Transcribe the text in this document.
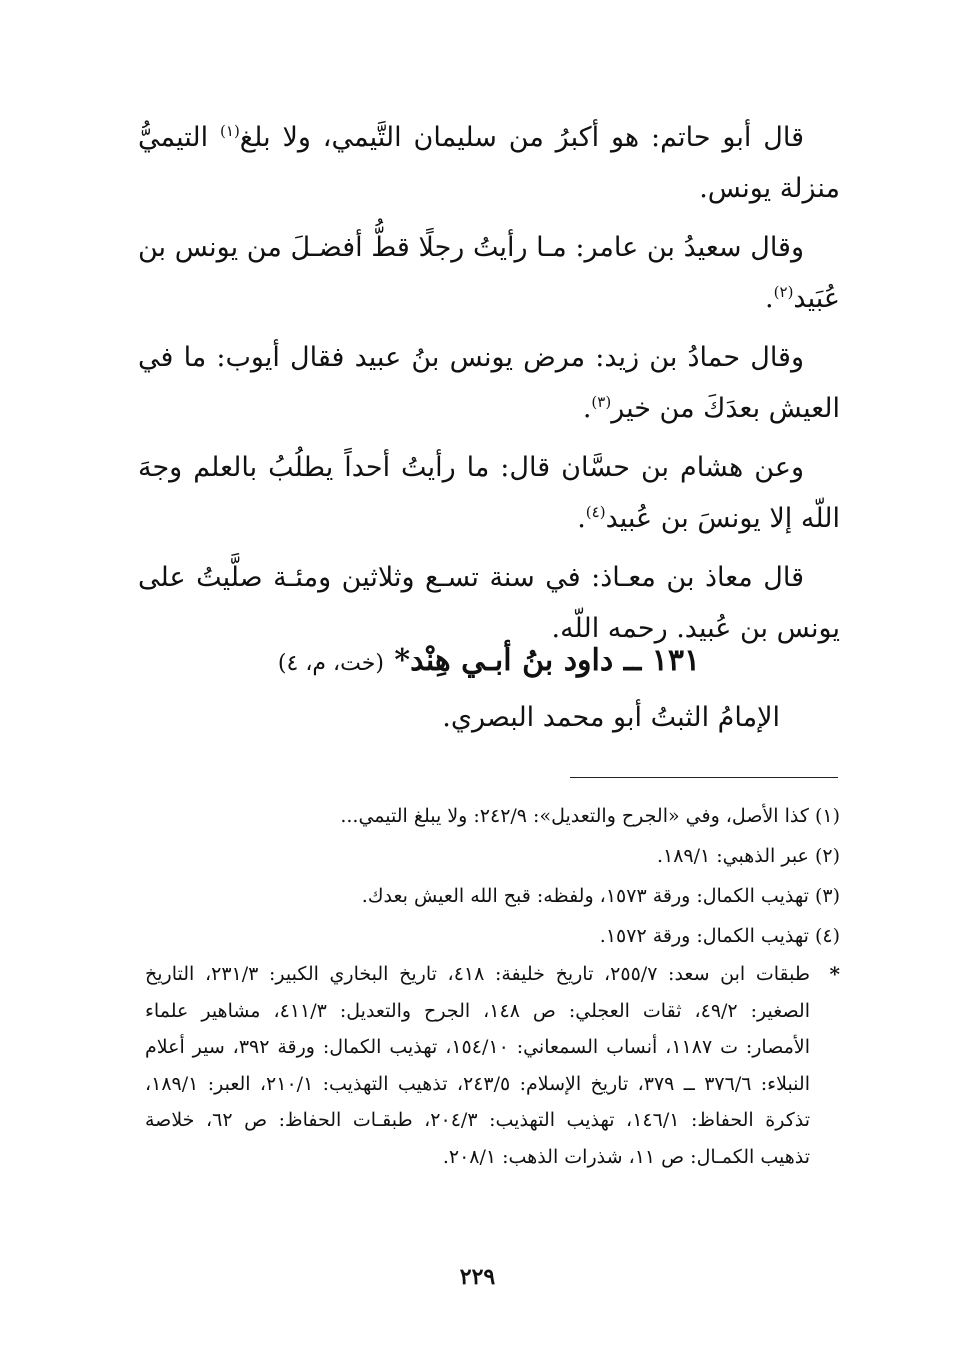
قال أبو حاتم: هو أكبرُ من سليمان التَّيمي، ولا بلغ$^{(١)}$ التيميُّ منزلة يونس.

وقال سعيدُ بن عامر: مـا رأيتُ رجلًا قطُّ أفضـلَ من يونس بن عُبَيد$^{(٢)}$.

وقال حمادُ بن زيد: مرض يونس بنُ عبيد فقال أيوب: ما في العيش بعدَكَ من خير$^{(٣)}$.

وعن هشام بن حسَّان قال: ما رأيتُ أحداً يطلُبُ بالعلم وجهَ اللّه إلا يونسَ بن عُبيد$^{(٤)}$.

قال معاذ بن معـاذ: في سنة تسـع وثلاثين ومئـة صلَّيتُ على يونس بن عُبيد. رحمه اللّه.

١٣١ ــ داود بنُ أبـي هِنْد* (خت، م، ٤)
الإمامُ الثبتُ أبو محمد البصري.

(١) كذا الأصل، وفي «الجرح والتعديل»: ٢٤٢/٩: ولا يبلغ التيمي...

(٢) عبر الذهبي: ١٨٩/١.

(٣) تهذيب الكمال: ورقة ١٥٧٣، ولفظه: قبح الله العيش بعدك.

(٤) تهذيب الكمال: ورقة ١٥٧٢.

*
طبقات ابن سعد: ٢٥٥/٧، تاريخ خليفة: ٤١٨، تاريخ البخاري الكبير: ٢٣١/٣، التاريخ الصغير: ٤٩/٢، ثقات العجلي: ص ١٤٨، الجرح والتعديل: ٤١١/٣، مشاهير علماء الأمصار: ت ١١٨٧، أنساب السمعاني: ١٥٤/١٠، تهذيب الكمال: ورقة ٣٩٢، سير أعلام النبلاء: ٣٧٦/٦ ــ ٣٧٩، تاريخ الإسلام: ٢٤٣/٥، تذهيب التهذيب: ٢١٠/١، العبر: ١٨٩/١، تذكرة الحفاظ: ١٤٦/١، تهذيب التهذيب: ٢٠٤/٣، طبقـات الحفاظ: ص ٦٢، خلاصة تذهيب الكمـال: ص ١١، شذرات الذهب: ٢٠٨/١.
٢٢٩
